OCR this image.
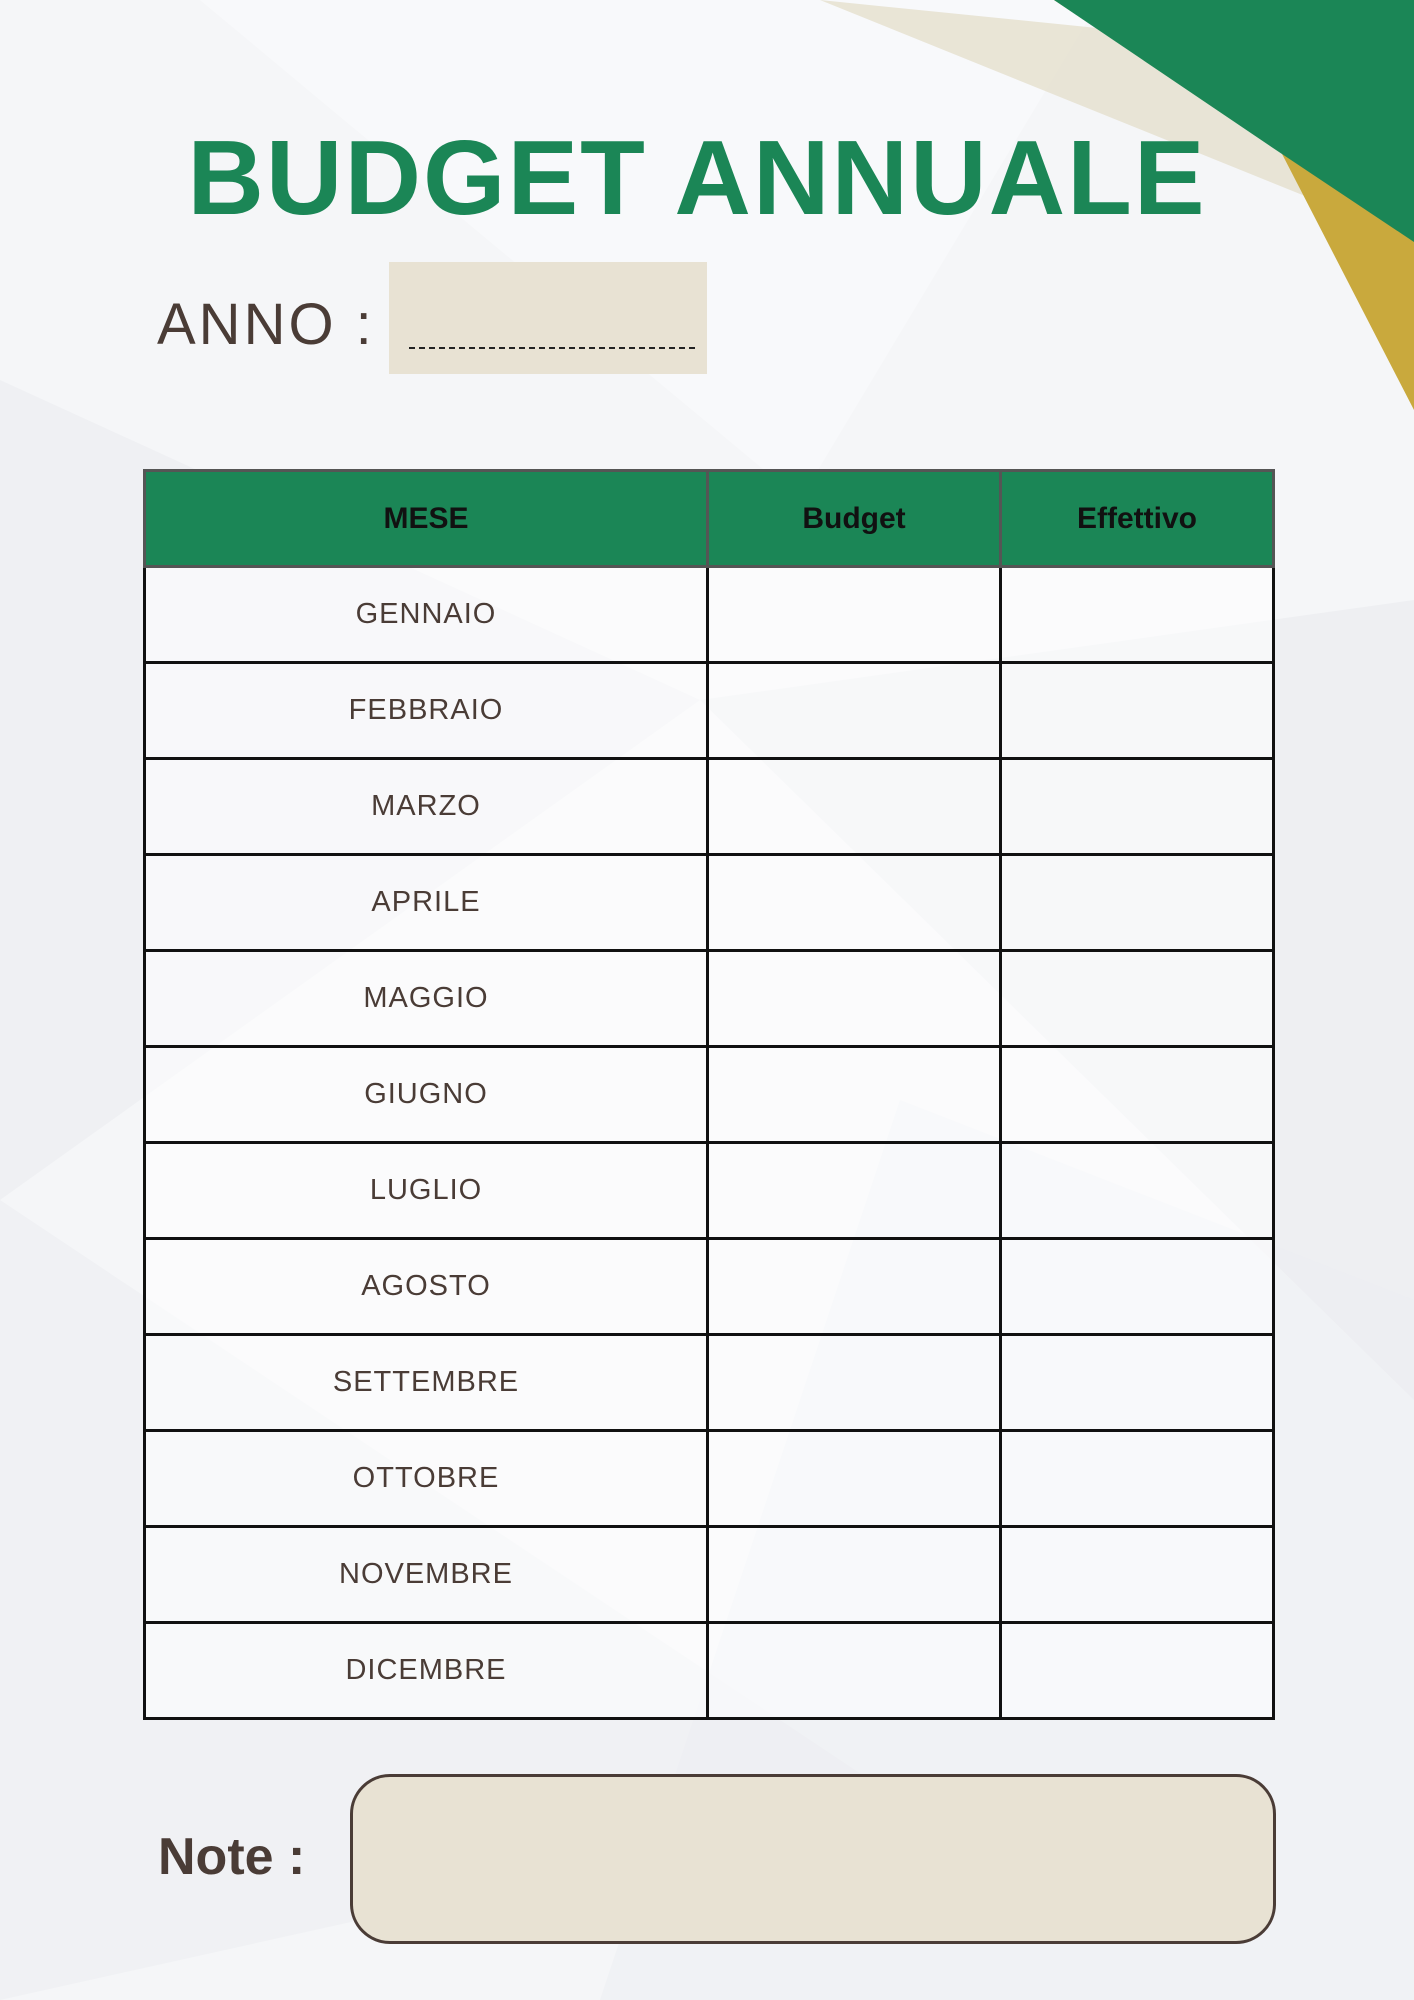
BUDGET ANNUALE
ANNO :
MESE	Budget	Effettivo
GENNAIO		
FEBBRAIO		
MARZO		
APRILE		
MAGGIO		
GIUGNO		
LUGLIO		
AGOSTO		
SETTEMBRE		
OTTOBRE		
NOVEMBRE		
DICEMBRE		
Note :
